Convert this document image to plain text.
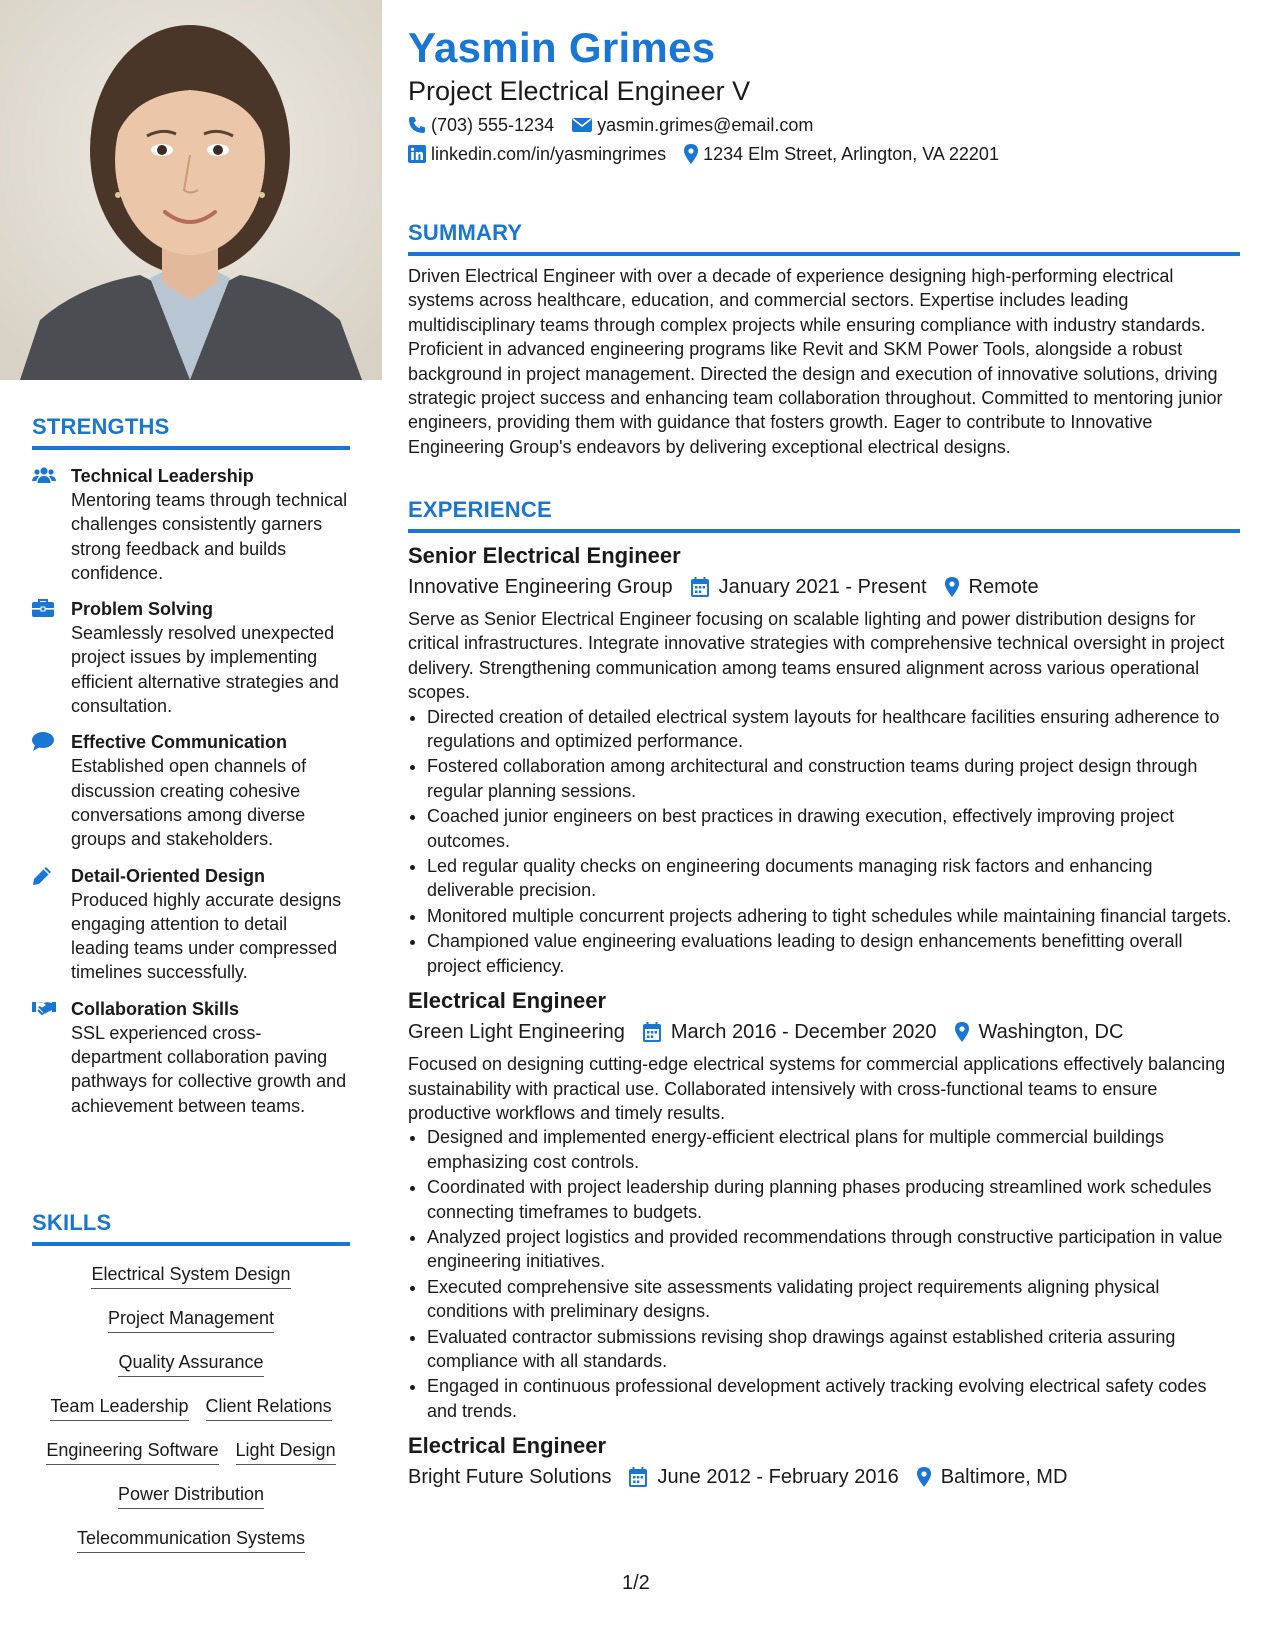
STRENGTHS
Technical Leadership
Mentoring teams through technical challenges consistently garners strong feedback and builds confidence.
Problem Solving
Seamlessly resolved unexpected project issues by implementing efficient alternative strategies and consultation.
Effective Communication
Established open channels of discussion creating cohesive conversations among diverse groups and stakeholders.
Detail-Oriented Design
Produced highly accurate designs engaging attention to detail leading teams under compressed timelines successfully.
Collaboration Skills
SSL experienced cross-department collaboration paving pathways for collective growth and achievement between teams.
SKILLS
Electrical System Design
Project Management
Quality Assurance
Team Leadership Client Relations
Engineering Software Light Design
Power Distribution
Telecommunication Systems
Yasmin Grimes
Project Electrical Engineer V
(703) 555-1234 yasmin.grimes@email.com
linkedin.com/in/yasmingrimes 1234 Elm Street, Arlington, VA 22201
SUMMARY

Driven Electrical Engineer with over a decade of experience designing high-performing electrical systems across healthcare, education, and commercial sectors. Expertise includes leading multidisciplinary teams through complex projects while ensuring compliance with industry standards. Proficient in advanced engineering programs like Revit and SKM Power Tools, alongside a robust background in project management. Directed the design and execution of innovative solutions, driving strategic project success and enhancing team collaboration throughout. Committed to mentoring junior engineers, providing them with guidance that fosters growth. Eager to contribute to Innovative Engineering Group's endeavors by delivering exceptional electrical designs.

EXPERIENCE
Senior Electrical Engineer
Innovative Engineering Group January 2021 - Present Remote

Serve as Senior Electrical Engineer focusing on scalable lighting and power distribution designs for critical infrastructures. Integrate innovative strategies with comprehensive technical oversight in project delivery. Strengthening communication among teams ensured alignment across various operational scopes.

• Directed creation of detailed electrical system layouts for healthcare facilities ensuring adherence to regulations and optimized performance.
• Fostered collaboration among architectural and construction teams during project design through regular planning sessions.
• Coached junior engineers on best practices in drawing execution, effectively improving project outcomes.
• Led regular quality checks on engineering documents managing risk factors and enhancing deliverable precision.
• Monitored multiple concurrent projects adhering to tight schedules while maintaining financial targets.
• Championed value engineering evaluations leading to design enhancements benefitting overall project efficiency.
Electrical Engineer
Green Light Engineering March 2016 - December 2020 Washington, DC

Focused on designing cutting-edge electrical systems for commercial applications effectively balancing sustainability with practical use. Collaborated intensively with cross-functional teams to ensure productive workflows and timely results.

• Designed and implemented energy-efficient electrical plans for multiple commercial buildings emphasizing cost controls.
• Coordinated with project leadership during planning phases producing streamlined work schedules connecting timeframes to budgets.
• Analyzed project logistics and provided recommendations through constructive participation in value engineering initiatives.
• Executed comprehensive site assessments validating project requirements aligning physical conditions with preliminary designs.
• Evaluated contractor submissions revising shop drawings against established criteria assuring compliance with all standards.
• Engaged in continuous professional development actively tracking evolving electrical safety codes and trends.
Electrical Engineer
Bright Future Solutions June 2012 - February 2016 Baltimore, MD
1/2
